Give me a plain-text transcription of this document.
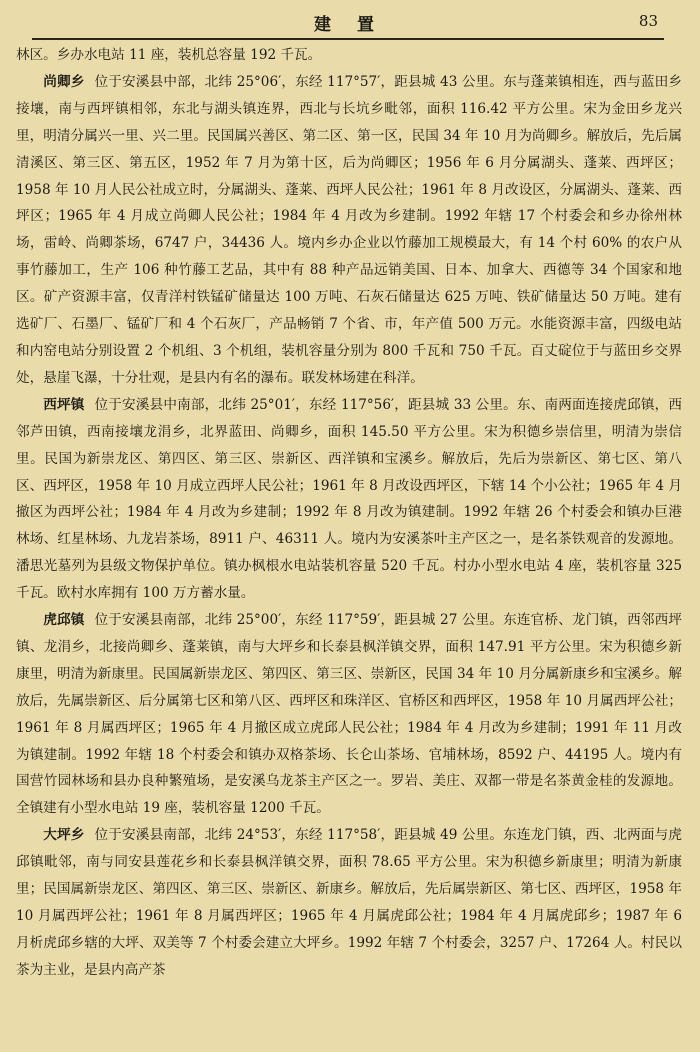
建 置	83

林区。乡办水电站 11 座，装机总容量 192 千瓦。

尚卿乡 位于安溪县中部，北纬 25°06′，东经 117°57′，距县城 43 公里。东与蓬莱镇相连，西与蓝田乡接壤，南与西坪镇相邻，东北与湖头镇连界，西北与长坑乡毗邻，面积 116.42 平方公里。宋为金田乡龙兴里，明清分属兴一里、兴二里。民国属兴善区、第二区、第一区，民国 34 年 10 月为尚卿乡。解放后，先后属清溪区、第三区、第五区，1952 年 7 月为第十区，后为尚卿区；1956 年 6 月分属湖头、蓬莱、西坪区；1958 年 10 月人民公社成立时，分属湖头、蓬莱、西坪人民公社；1961 年 8 月改设区，分属湖头、蓬莱、西坪区；1965 年 4 月成立尚卿人民公社；1984 年 4 月改为乡建制。1992 年辖 17 个村委会和乡办徐州林场，雷岭、尚卿茶场，6747 户，34436 人。境内乡办企业以竹藤加工规模最大，有 14 个村 60% 的农户从事竹藤加工，生产 106 种竹藤工艺品，其中有 88 种产品远销美国、日本、加拿大、西德等 34 个国家和地区。矿产资源丰富，仅青洋村铁锰矿储量达 100 万吨、石灰石储量达 625 万吨、铁矿储量达 50 万吨。建有选矿厂、石墨厂、锰矿厂和 4 个石灰厂，产品畅销 7 个省、市，年产值 500 万元。水能资源丰富，四级电站和内窑电站分别设置 2 个机组、3 个机组，装机容量分别为 800 千瓦和 750 千瓦。百丈碇位于与蓝田乡交界处，悬崖飞瀑，十分壮观，是县内有名的瀑布。联发林场建在科洋。

西坪镇 位于安溪县中南部，北纬 25°01′，东经 117°56′，距县城 33 公里。东、南两面连接虎邱镇，西邻芦田镇，西南接壤龙涓乡，北界蓝田、尚卿乡，面积 145.50 平方公里。宋为积德乡崇信里，明清为崇信里。民国为新崇龙区、第四区、第三区、崇新区、西洋镇和宝溪乡。解放后，先后为崇新区、第七区、第八区、西坪区，1958 年 10 月成立西坪人民公社；1961 年 8 月改设西坪区，下辖 14 个小公社；1965 年 4 月撤区为西坪公社；1984 年 4 月改为乡建制；1992 年 8 月改为镇建制。1992 年辖 26 个村委会和镇办巨港林场、红星林场、九龙岩茶场，8911 户、46311 人。境内为安溪茶叶主产区之一，是名茶铁观音的发源地。潘思光墓列为县级文物保护单位。镇办枫根水电站装机容量 520 千瓦。村办小型水电站 4 座，装机容量 325 千瓦。欧村水库拥有 100 万方蓄水量。

虎邱镇 位于安溪县南部，北纬 25°00′，东经 117°59′，距县城 27 公里。东连官桥、龙门镇，西邻西坪镇、龙涓乡，北接尚卿乡、蓬莱镇，南与大坪乡和长泰县枫洋镇交界，面积 147.91 平方公里。宋为积德乡新康里，明清为新康里。民国属新崇龙区、第四区、第三区、崇新区，民国 34 年 10 月分属新康乡和宝溪乡。解放后，先属崇新区、后分属第七区和第八区、西坪区和珠洋区、官桥区和西坪区，1958 年 10 月属西坪公社；1961 年 8 月属西坪区；1965 年 4 月撤区成立虎邱人民公社；1984 年 4 月改为乡建制；1991 年 11 月改为镇建制。1992 年辖 18 个村委会和镇办双格茶场、长仑山茶场、官埔林场，8592 户、44195 人。境内有国营竹园林场和县办良种繁殖场，是安溪乌龙茶主产区之一。罗岩、美庄、双都一带是名茶黄金桂的发源地。全镇建有小型水电站 19 座，装机容量 1200 千瓦。

大坪乡 位于安溪县南部，北纬 24°53′，东经 117°58′，距县城 49 公里。东连龙门镇，西、北两面与虎邱镇毗邻，南与同安县莲花乡和长泰县枫洋镇交界，面积 78.65 平方公里。宋为积德乡新康里；明清为新康里；民国属新崇龙区、第四区、第三区、崇新区、新康乡。解放后，先后属崇新区、第七区、西坪区，1958 年 10 月属西坪公社；1961 年 8 月属西坪区；1965 年 4 月属虎邱公社；1984 年 4 月属虎邱乡；1987 年 6 月析虎邱乡辖的大坪、双美等 7 个村委会建立大坪乡。1992 年辖 7 个村委会，3257 户、17264 人。村民以茶为主业，是县内高产茶
